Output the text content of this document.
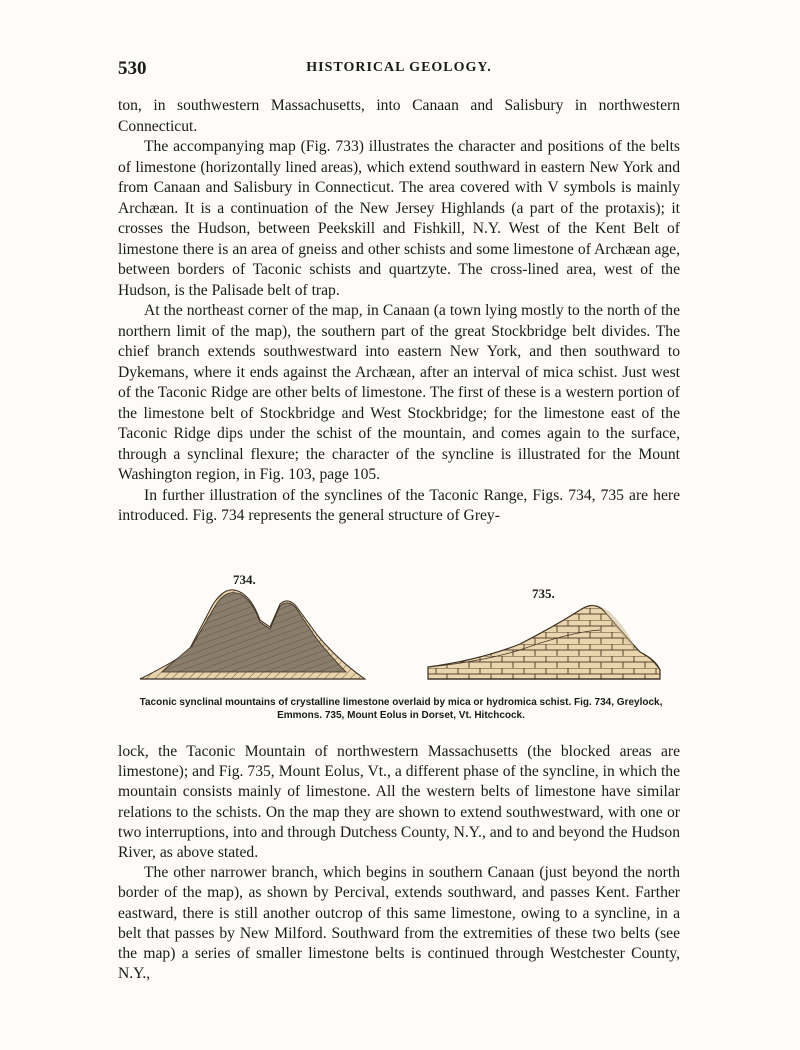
530	HISTORICAL GEOLOGY.

ton, in southwestern Massachusetts, into Canaan and Salisbury in northwestern Connecticut.

The accompanying map (Fig. 733) illustrates the character and positions of the belts of limestone (horizontally lined areas), which extend southward in eastern New York and from Canaan and Salisbury in Connecticut. The area covered with V symbols is mainly Archæan. It is a continuation of the New Jersey Highlands (a part of the protaxis); it crosses the Hudson, between Peekskill and Fishkill, N.Y. West of the Kent Belt of limestone there is an area of gneiss and other schists and some limestone of Archæan age, between borders of Taconic schists and quartzyte. The cross-lined area, west of the Hudson, is the Palisade belt of trap.

At the northeast corner of the map, in Canaan (a town lying mostly to the north of the northern limit of the map), the southern part of the great Stockbridge belt divides. The chief branch extends southwestward into eastern New York, and then southward to Dykemans, where it ends against the Archæan, after an interval of mica schist. Just west of the Taconic Ridge are other belts of limestone. The first of these is a western portion of the limestone belt of Stockbridge and West Stockbridge; for the limestone east of the Taconic Ridge dips under the schist of the mountain, and comes again to the surface, through a synclinal flexure; the character of the syncline is illustrated for the Mount Washington region, in Fig. 103, page 105.

In further illustration of the synclines of the Taconic Range, Figs. 734, 735 are here introduced. Fig. 734 represents the general structure of Grey-

734.
735.
Taconic synclinal mountains of crystalline limestone overlaid by mica or hydromica schist. Fig. 734, Greylock,
Emmons. 735, Mount Eolus in Dorset, Vt. Hitchcock.

lock, the Taconic Mountain of northwestern Massachusetts (the blocked areas are limestone); and Fig. 735, Mount Eolus, Vt., a different phase of the syncline, in which the mountain consists mainly of limestone. All the western belts of limestone have similar relations to the schists. On the map they are shown to extend southwestward, with one or two interruptions, into and through Dutchess County, N.Y., and to and beyond the Hudson River, as above stated.

The other narrower branch, which begins in southern Canaan (just beyond the north border of the map), as shown by Percival, extends southward, and passes Kent. Farther eastward, there is still another outcrop of this same limestone, owing to a syncline, in a belt that passes by New Milford. Southward from the extremities of these two belts (see the map) a series of smaller limestone belts is continued through Westchester County, N.Y.,
